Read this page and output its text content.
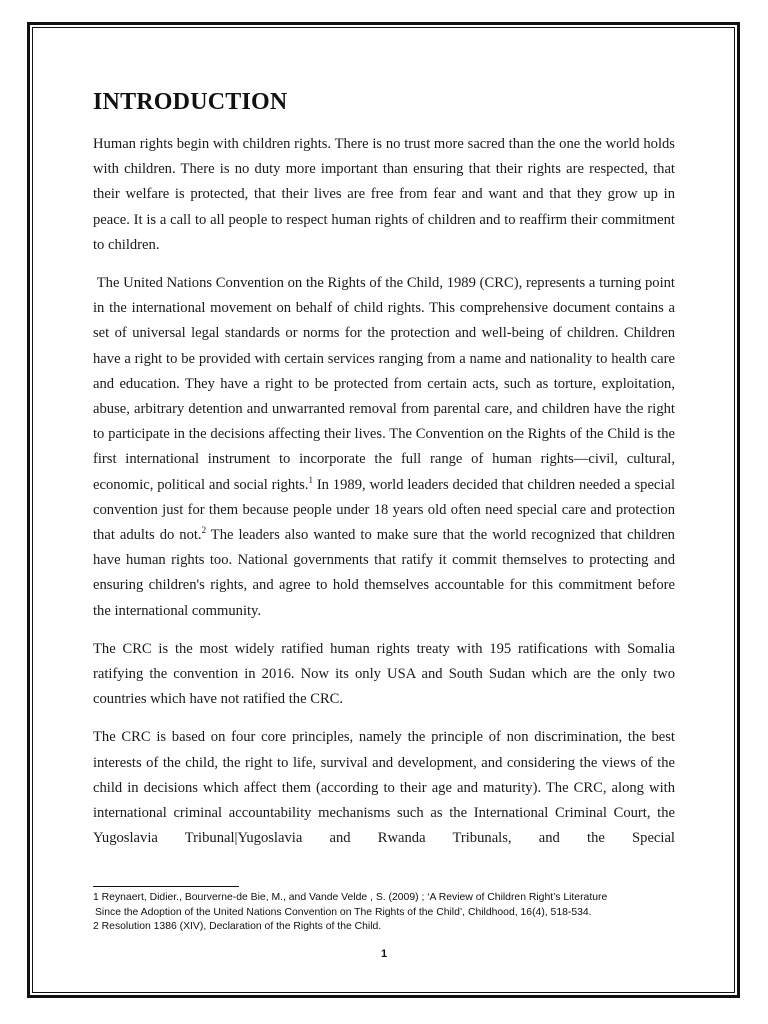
INTRODUCTION

Human rights begin with children rights. There is no trust more sacred than the one the world holds with children. There is no duty more important than ensuring that their rights are respected, that their welfare is protected, that their lives are free from fear and want and that they grow up in peace. It is a call to all people to respect human rights of children and to reaffirm their commitment to children.

The United Nations Convention on the Rights of the Child, 1989 (CRC), represents a turning point in the international movement on behalf of child rights. This comprehensive document contains a set of universal legal standards or norms for the protection and well-being of children. Children have a right to be provided with certain services ranging from a name and nationality to health care and education. They have a right to be protected from certain acts, such as torture, exploitation, abuse, arbitrary detention and unwarranted removal from parental care, and children have the right to participate in the decisions affecting their lives. The Convention on the Rights of the Child is the first international instrument to incorporate the full range of human rights—civil, cultural, economic, political and social rights.$^1$ In 1989, world leaders decided that children needed a special convention just for them because people under 18 years old often need special care and protection that adults do not.$^2$ The leaders also wanted to make sure that the world recognized that children have human rights too. National governments that ratify it commit themselves to protecting and ensuring children's rights, and agree to hold themselves accountable for this commitment before the international community.

The CRC is the most widely ratified human rights treaty with 195 ratifications with Somalia ratifying the convention in 2016. Now its only USA and South Sudan which are the only two countries which have not ratified the CRC.

The CRC is based on four core principles, namely the principle of non discrimination, the best interests of the child, the right to life, survival and development, and considering the views of the child in decisions which affect them (according to their age and maturity). The CRC, along with international criminal accountability mechanisms such as the International Criminal Court, the Yugoslavia Tribunal|Yugoslavia and Rwanda Tribunals, and the Special

1 Reynaert, Didier., Bourverne-de Bie, M., and Vande Velde , S. (2009) ; ‘A Review of Children Right’s Literature

Since the Adoption of the United Nations Convention on The Rights of the Child’, Childhood, 16(4), 518-534.

2 Resolution 1386 (XIV), Declaration of the Rights of the Child.

1
